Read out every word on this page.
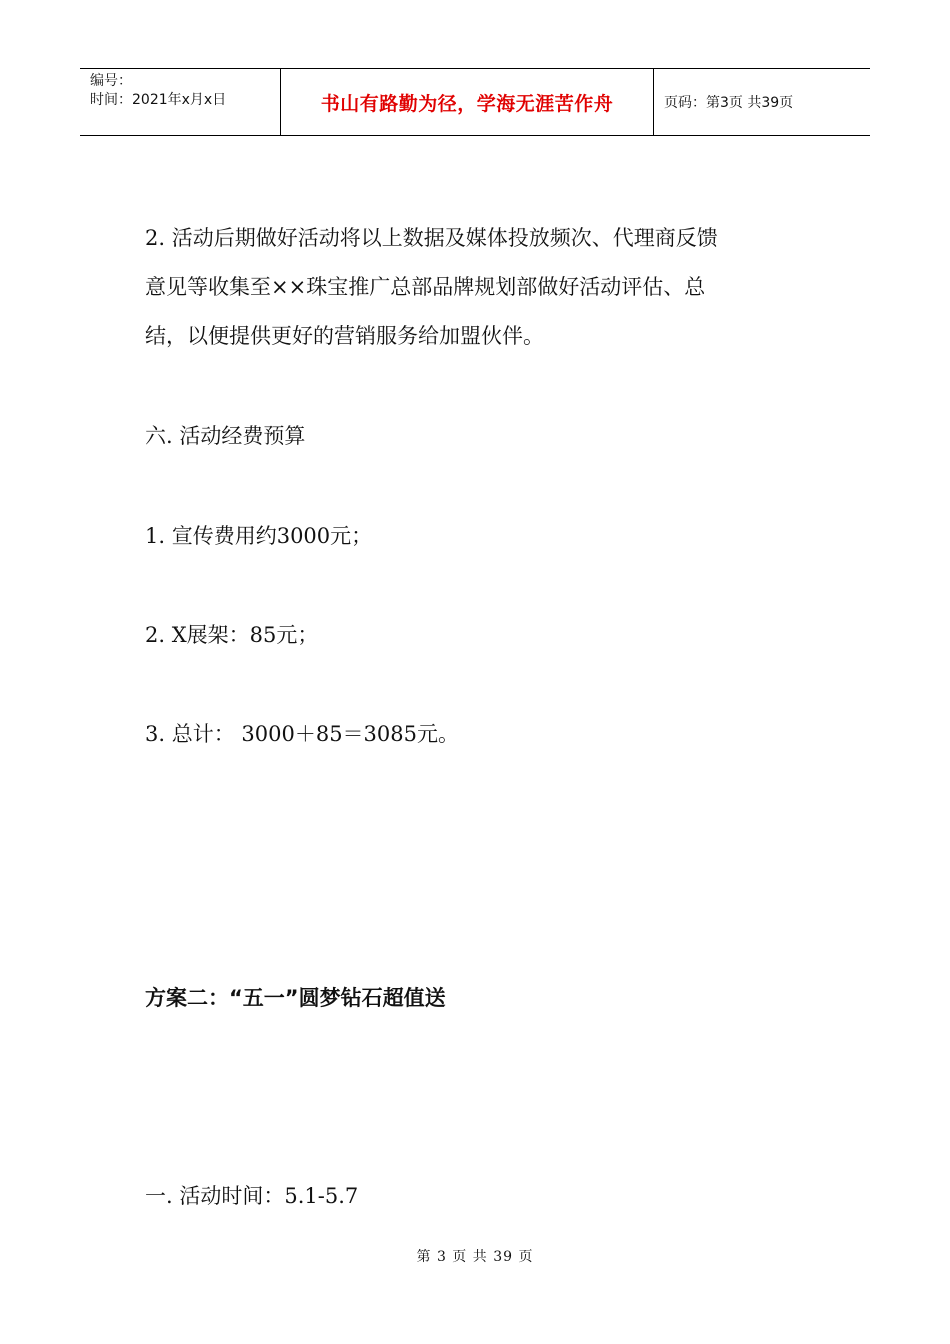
编号：
时间：2021年x月x日	书山有路勤为径，学海无涯苦作舟	页码：第3页 共39页
2. 活动后期做好活动将以上数据及媒体投放频次、代理商反馈
意见等收集至××珠宝推广总部品牌规划部做好活动评估、总
结，以便提供更好的营销服务给加盟伙伴。
六. 活动经费预算
1. 宣传费用约3000元；
2. X展架：85元；
3. 总计： 3000＋85＝3085元。
方案二：“五一”圆梦钻石超值送
一. 活动时间：5.1-5.7
第 3 页 共 39 页
